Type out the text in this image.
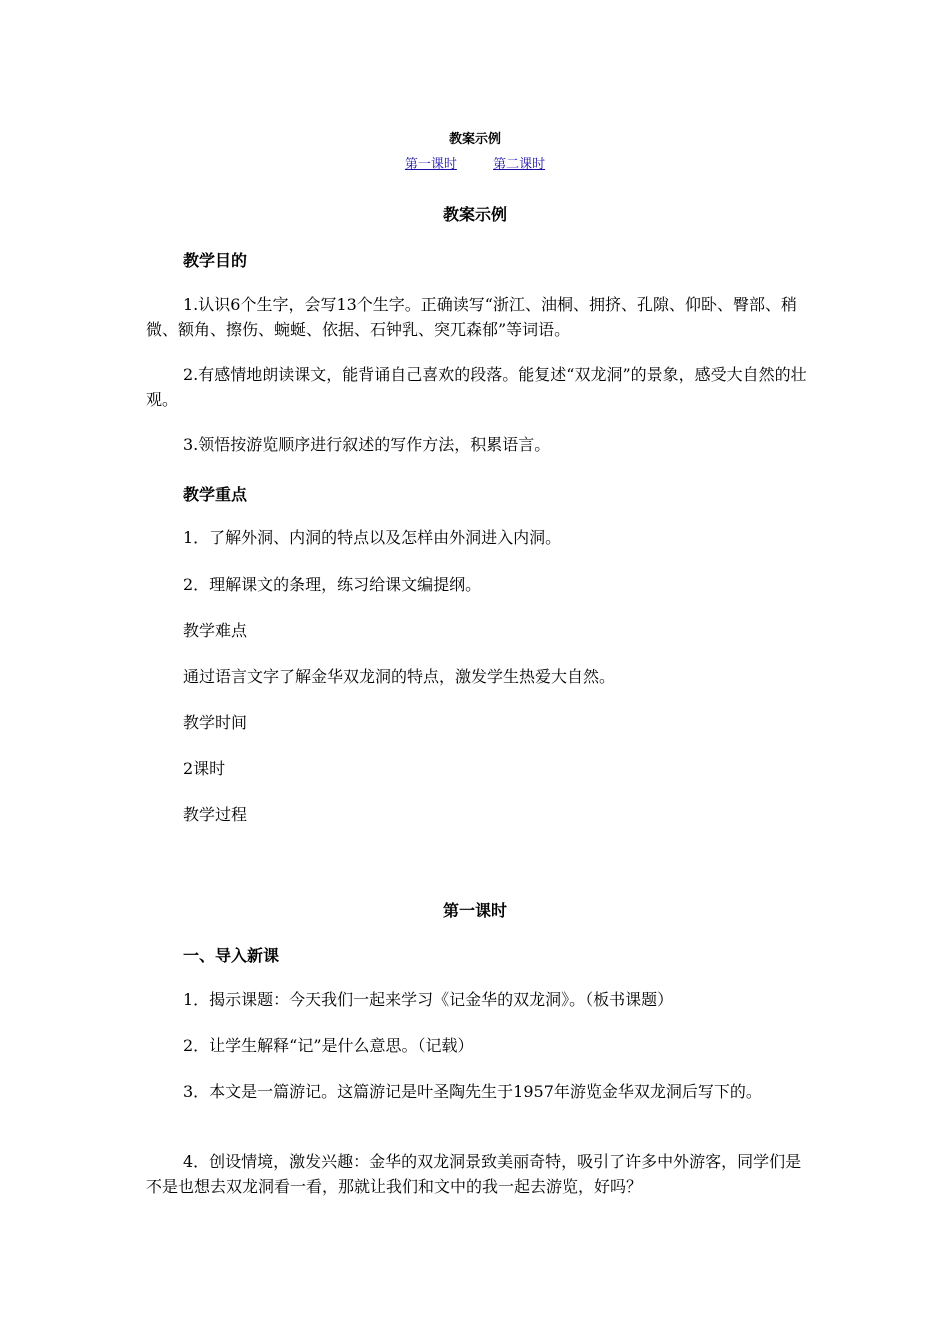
教案示例
第一课时	第二课时
教案示例
教学目的
1.认识6个生字，会写13个生字。正确读写“浙江、油桐、拥挤、孔隙、仰卧、臀部、稍微、额角、擦伤、蜿蜒、依据、石钟乳、突兀森郁”等词语。
2.有感情地朗读课文，能背诵自己喜欢的段落。能复述“双龙洞”的景象，感受大自然的壮观。
3.领悟按游览顺序进行叙述的写作方法，积累语言。
教学重点
1．了解外洞、内洞的特点以及怎样由外洞进入内洞。
2．理解课文的条理，练习给课文编提纲。
教学难点
通过语言文字了解金华双龙洞的特点，激发学生热爱大自然。
教学时间
2课时
教学过程
第一课时
一、导入新课
1．揭示课题：今天我们一起来学习《记金华的双龙洞》。（板书课题）
2．让学生解释“记”是什么意思。（记载）
3．本文是一篇游记。这篇游记是叶圣陶先生于1957年游览金华双龙洞后写下的。
4．创设情境，激发兴趣：金华的双龙洞景致美丽奇特，吸引了许多中外游客，同学们是不是也想去双龙洞看一看，那就让我们和文中的我一起去游览，好吗？
